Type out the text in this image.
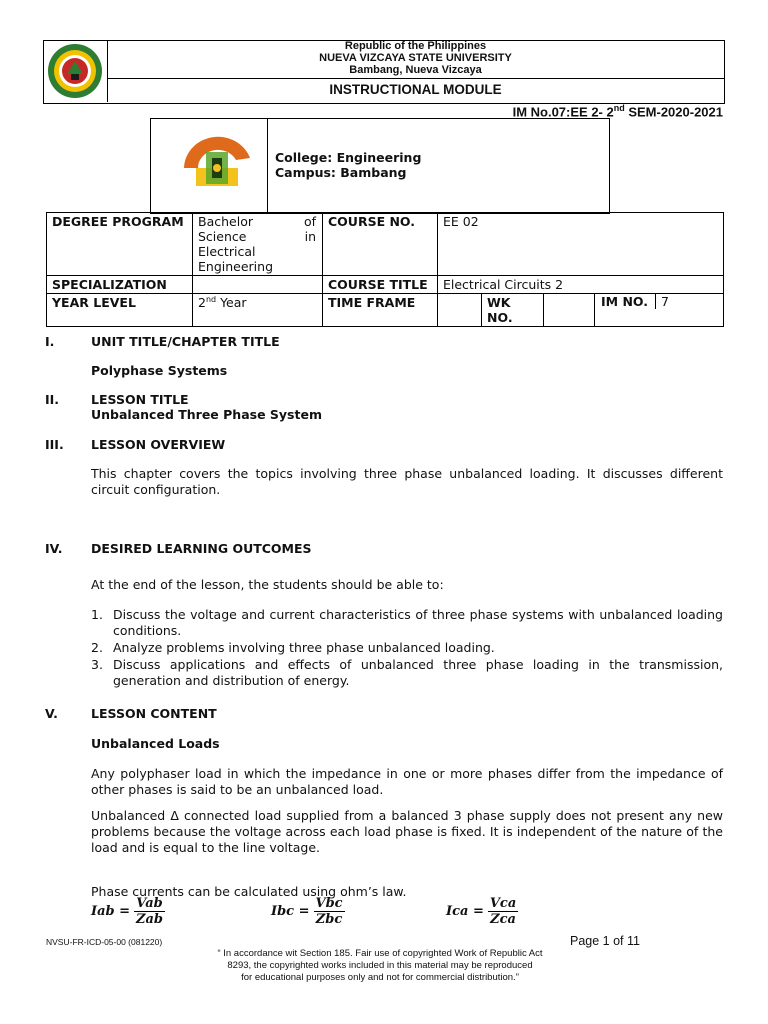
Republic of the Philippines
NUEVA VIZCAYA STATE UNIVERSITY
Bambang, Nueva Vizcaya
INSTRUCTIONAL MODULE
IM No.07:EE 2- 2nd SEM-2020-2021
College: Engineering
Campus: Bambang
DEGREE PROGRAM	Bachelor of Science in Electrical Engineering	COURSE NO.	EE 02			
SPECIALIZATION		COURSE TITLE	Electrical Circuits 2			
YEAR LEVEL	2nd Year	TIME FRAME		WK NO.		IM NO. 7
I.	UNIT TITLE/CHAPTER TITLE
Polyphase Systems
II.	LESSON TITLE
Unbalanced Three Phase System
III. LESSON OVERVIEW
This chapter covers the topics involving three phase unbalanced loading. It discusses different circuit configuration.
IV. DESIRED LEARNING OUTCOMES
At the end of the lesson, the students should be able to:
1. Discuss the voltage and current characteristics of three phase systems with unbalanced loading conditions.
2. Analyze problems involving three phase unbalanced loading.
3. Discuss applications and effects of unbalanced three phase loading in the transmission, generation and distribution of energy.
V.	LESSON CONTENT
Unbalanced Loads
Any polyphaser load in which the impedance in one or more phases differ from the impedance of other phases is said to be an unbalanced load.
Unbalanced Δ connected load supplied from a balanced 3 phase supply does not present any new problems because the voltage across each load phase is fixed. It is independent of the nature of the load and is equal to the line voltage.
Phase currents can be calculated using ohm’s law.
Iab = $\frac{\text{Vab}}{\text{Zab}}$	Ibc = $\frac{\text{Vbc}}{\text{Zbc}}$	Ica = $\frac{\text{Vca}}{\text{Zca}}$
NVSU-FR-ICD-05-00 (081220)	Page 1 of 11
“ In accordance wit Section 185. Fair use of copyrighted Work of Republic Act
8293, the copyrighted works included in this material may be reproduced
for educational purposes only and not for commercial distribution.”
